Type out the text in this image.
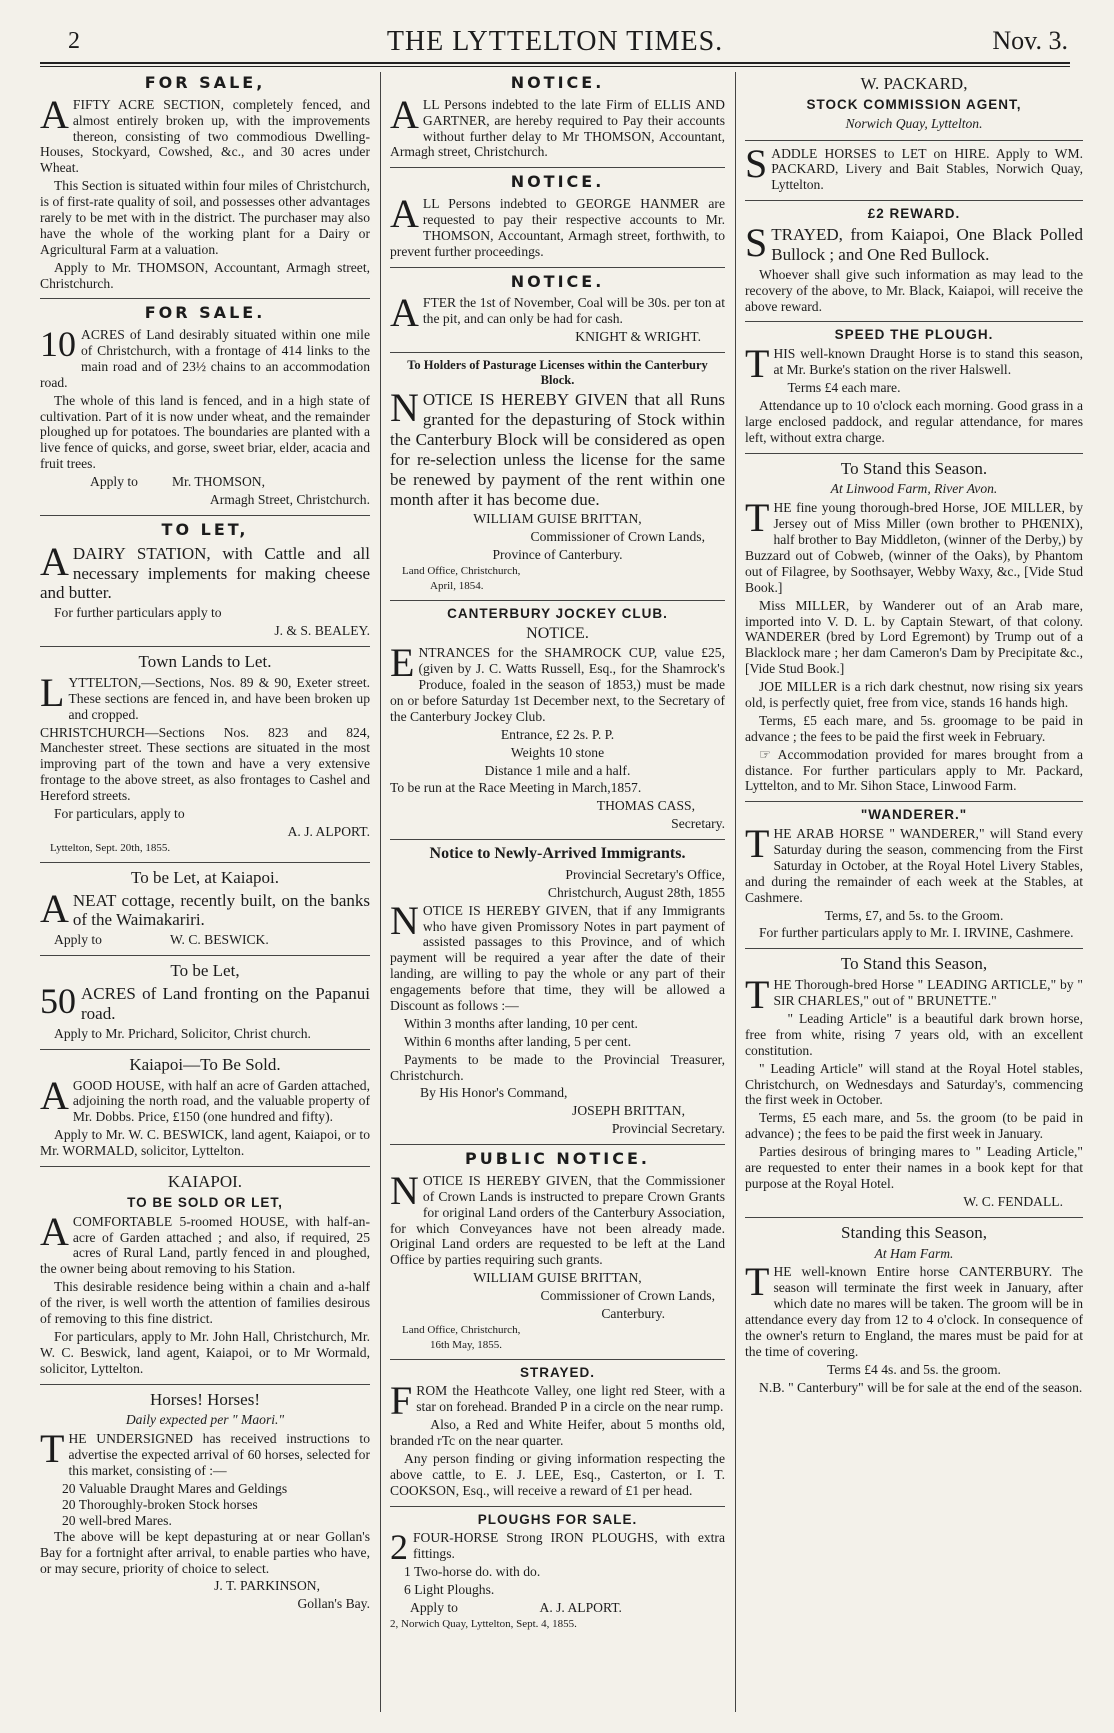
2	THE LYTTELTON TIMES.	Nov. 3.
FOR SALE,

AFIFTY ACRE SECTION, completely fenced, and almost entirely broken up, with the improvements thereon, consisting of two commodious Dwelling-Houses, Stockyard, Cowshed, &c., and 30 acres under Wheat.

This Section is situated within four miles of Christchurch, is of first-rate quality of soil, and possesses other advantages rarely to be met with in the district. The purchaser may also have the whole of the working plant for a Dairy or Agricultural Farm at a valuation.

Apply to Mr. THOMSON, Accountant, Armagh street, Christchurch.

FOR SALE.

10 ACRES of Land desirably situated within one mile of Christchurch, with a frontage of 414 links to the main road and of 23½ chains to an accommodation road.

The whole of this land is fenced, and in a high state of cultivation. Part of it is now under wheat, and the remainder ploughed up for potatoes. The boundaries are planted with a live fence of quicks, and gorse, sweet briar, elder, acacia and fruit trees.

Apply to Mr. THOMSON,

Armagh Street, Christchurch.

TO LET,

ADAIRY STATION, with Cattle and all necessary implements for making cheese and butter.

For further particulars apply to

J. & S. BEALEY.

Town Lands to Let.

LYTTELTON,—Sections, Nos. 89 & 90, Exeter street. These sections are fenced in, and have been broken up and cropped.

CHRISTCHURCH—Sections Nos. 823 and 824, Manchester street. These sections are situated in the most improving part of the town and have a very extensive frontage to the above street, as also frontages to Cashel and Hereford streets.

For particulars, apply to

A. J. ALPORT.

Lyttelton, Sept. 20th, 1855.

To be Let, at Kaiapoi.

ANEAT cottage, recently built, on the banks of the Waimakariri.

Apply to	W. C. BESWICK.

To be Let,

50 ACRES of Land fronting on the Papanui road.

Apply to Mr. Prichard, Solicitor, Christ church.

Kaiapoi—To Be Sold.

AGOOD HOUSE, with half an acre of Garden attached, adjoining the north road, and the valuable property of Mr. Dobbs. Price, £150 (one hundred and fifty).

Apply to Mr. W. C. BESWICK, land agent, Kaiapoi, or to Mr. WORMALD, solicitor, Lyttelton.

KAIAPOI.
TO BE SOLD OR LET,

ACOMFORTABLE 5-roomed HOUSE, with half-an-acre of Garden attached ; and also, if required, 25 acres of Rural Land, partly fenced in and ploughed, the owner being about removing to his Station.

This desirable residence being within a chain and a-half of the river, is well worth the attention of families desirous of removing to this fine district.

For particulars, apply to Mr. John Hall, Christchurch, Mr. W. C. Beswick, land agent, Kaiapoi, or to Mr Wormald, solicitor, Lyttelton.

Horses! Horses!
Daily expected per " Maori."

THE UNDERSIGNED has received instructions to advertise the expected arrival of 60 horses, selected for this market, consisting of :—

20 Valuable Draught Mares and Geldings

20 Thoroughly-broken Stock horses

20 well-bred Mares.

The above will be kept depasturing at or near Gollan's Bay for a fortnight after arrival, to enable parties who have, or may secure, priority of choice to select.

J. T. PARKINSON,

Gollan's Bay.

NOTICE.

ALL Persons indebted to the late Firm of ELLIS AND GARTNER, are hereby required to Pay their accounts without further delay to Mr THOMSON, Accountant, Armagh street, Christchurch.

NOTICE.

ALL Persons indebted to GEORGE HANMER are requested to pay their respective accounts to Mr. THOMSON, Accountant, Armagh street, forthwith, to prevent further proceedings.

NOTICE.

AFTER the 1st of November, Coal will be 30s. per ton at the pit, and can only be had for cash.

KNIGHT & WRIGHT.

To Holders of Pasturage Licenses within the Canterbury Block.

NOTICE IS HEREBY GIVEN that all Runs granted for the depasturing of Stock within the Canterbury Block will be considered as open for re-selection unless the license for the same be renewed by payment of the rent within one month after it has become due.

WILLIAM GUISE BRITTAN,

Commissioner of Crown Lands,

Province of Canterbury.

Land Office, Christchurch,

April, 1854.

CANTERBURY JOCKEY CLUB.
NOTICE.

ENTRANCES for the SHAMROCK CUP, value £25, (given by J. C. Watts Russell, Esq., for the Shamrock's Produce, foaled in the season of 1853,) must be made on or before Saturday 1st December next, to the Secretary of the Canterbury Jockey Club.

Entrance, £2 2s. P. P.

Weights 10 stone

Distance 1 mile and a half.

To be run at the Race Meeting in March,1857.

THOMAS CASS,

Secretary.

Notice to Newly-Arrived Immigrants.

Provincial Secretary's Office,

Christchurch, August 28th, 1855

NOTICE IS HEREBY GIVEN, that if any Immigrants who have given Promissory Notes in part payment of assisted passages to this Province, and of which payment will be required a year after the date of their landing, are willing to pay the whole or any part of their engagements before that time, they will be allowed a Discount as follows :—

Within 3 months after landing, 10 per cent.

Within 6 months after landing, 5 per cent.

Payments to be made to the Provincial Treasurer, Christchurch.

By His Honor's Command,

JOSEPH BRITTAN,

Provincial Secretary.

PUBLIC NOTICE.

NOTICE IS HEREBY GIVEN, that the Commissioner of Crown Lands is instructed to prepare Crown Grants for original Land orders of the Canterbury Association, for which Conveyances have not been already made. Original Land orders are requested to be left at the Land Office by parties requiring such grants.

WILLIAM GUISE BRITTAN,

Commissioner of Crown Lands,

Canterbury.

Land Office, Christchurch,

16th May, 1855.

STRAYED.

FROM the Heathcote Valley, one light red Steer, with a star on forehead. Branded P in a circle on the near rump.

Also, a Red and White Heifer, about 5 months old, branded rTc on the near quarter.

Any person finding or giving information respecting the above cattle, to E. J. LEE, Esq., Casterton, or I. T. COOKSON, Esq., will receive a reward of £1 per head.

PLOUGHS FOR SALE.

2 FOUR-HORSE Strong IRON PLOUGHS, with extra fittings.

1 Two-horse do. with do.

6 Light Ploughs.

Apply to	A. J. ALPORT.

2, Norwich Quay, Lyttelton, Sept. 4, 1855.

W. PACKARD,
STOCK COMMISSION AGENT,
Norwich Quay, Lyttelton.

SADDLE HORSES to LET on HIRE. Apply to WM. PACKARD, Livery and Bait Stables, Norwich Quay, Lyttelton.

£2 REWARD.

STRAYED, from Kaiapoi, One Black Polled Bullock ; and One Red Bullock.

Whoever shall give such information as may lead to the recovery of the above, to Mr. Black, Kaiapoi, will receive the above reward.

SPEED THE PLOUGH.

THIS well-known Draught Horse is to stand this season, at Mr. Burke's station on the river Halswell.

Terms £4 each mare.

Attendance up to 10 o'clock each morning. Good grass in a large enclosed paddock, and regular attendance, for mares left, without extra charge.

To Stand this Season.
At Linwood Farm, River Avon.

THE fine young thorough-bred Horse, JOE MILLER, by Jersey out of Miss Miller (own brother to PHŒNIX), half brother to Bay Middleton, (winner of the Derby,) by Buzzard out of Cobweb, (winner of the Oaks), by Phantom out of Filagree, by Soothsayer, Webby Waxy, &c., [Vide Stud Book.]

Miss MILLER, by Wanderer out of an Arab mare, imported into V. D. L. by Captain Stewart, of that colony. WANDERER (bred by Lord Egremont) by Trump out of a Blacklock mare ; her dam Cameron's Dam by Precipitate &c., [Vide Stud Book.]

JOE MILLER is a rich dark chestnut, now rising six years old, is perfectly quiet, free from vice, stands 16 hands high.

Terms, £5 each mare, and 5s. groomage to be paid in advance ; the fees to be paid the first week in February.

☞ Accommodation provided for mares brought from a distance. For further particulars apply to Mr. Packard, Lyttelton, and to Mr. Sihon Stace, Linwood Farm.

"WANDERER."

THE ARAB HORSE " WANDERER," will Stand every Saturday during the season, commencing from the First Saturday in October, at the Royal Hotel Livery Stables, and during the remainder of each week at the Stables, at Cashmere.

Terms, £7, and 5s. to the Groom.

For further particulars apply to Mr. I. IRVINE, Cashmere.

To Stand this Season,

THE Thorough-bred Horse " LEADING ARTICLE," by " SIR CHARLES," out of " BRUNETTE."

" Leading Article" is a beautiful dark brown horse, free from white, rising 7 years old, with an excellent constitution.

" Leading Article" will stand at the Royal Hotel stables, Christchurch, on Wednesdays and Saturday's, commencing the first week in October.

Terms, £5 each mare, and 5s. the groom (to be paid in advance) ; the fees to be paid the first week in January.

Parties desirous of bringing mares to " Leading Article," are requested to enter their names in a book kept for that purpose at the Royal Hotel.

W. C. FENDALL.

Standing this Season,
At Ham Farm.

THE well-known Entire horse CANTERBURY. The season will terminate the first week in January, after which date no mares will be taken. The groom will be in attendance every day from 12 to 4 o'clock. In consequence of the owner's return to England, the mares must be paid for at the time of covering.

Terms £4 4s. and 5s. the groom.

N.B. " Canterbury" will be for sale at the end of the season.
